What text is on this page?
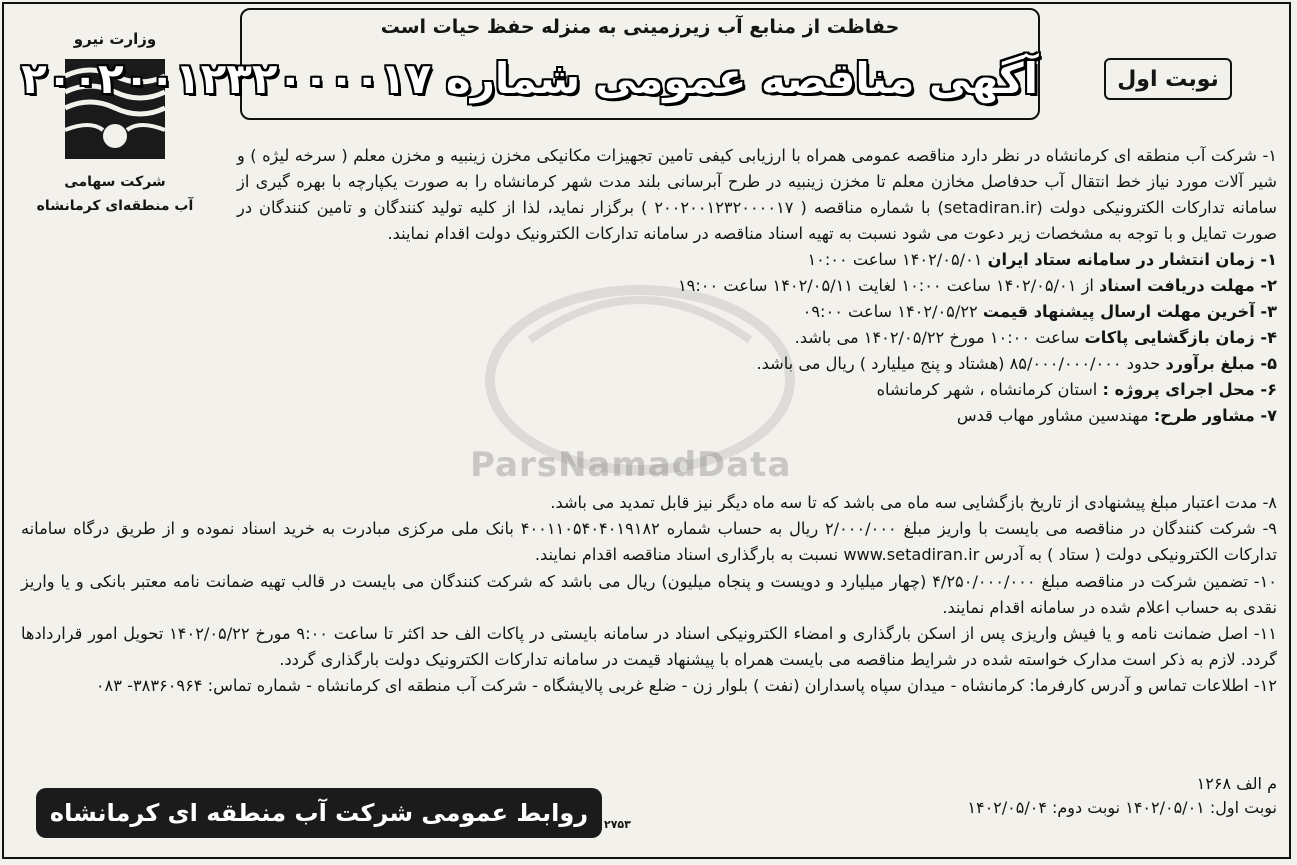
وزارت نیرو
شرکت سهامی
آب منطقه‌ای کرمانشاه
حفاظت از منابع آب زیرزمینی به منزله حفظ حیات است
آگهی مناقصه عمومی شماره ۲۰۰۲۰۰۱۲۳۲۰۰۰۰۱۷	نوبت اول
ParsNamadData
۱- شرکت آب منطقه ای کرمانشاه در نظر دارد مناقصه عمومی همراه با ارزیابی کیفی تامین تجهیزات مکانیکی مخزن زینبیه و مخزن معلم ( سرخه لیژه ) و شیر آلات مورد نیاز خط انتقال آب حدفاصل مخازن معلم تا مخزن زینبیه در طرح آبرسانی بلند مدت شهر کرمانشاه را به صورت یکپارچه با بهره گیری از سامانه تدارکات الکترونیکی دولت (setadiran.ir) با شماره مناقصه ( ۲۰۰۲۰۰۱۲۳۲۰۰۰۰۱۷ ) برگزار نماید، لذا از کلیه تولید کنندگان و تامین کنندگان در صورت تمایل و با توجه به مشخصات زیر دعوت می شود نسبت به تهیه اسناد مناقصه در سامانه تدارکات الکترونیک دولت اقدام نمایند.
۱- زمان انتشار در سامانه ستاد ایران ۱۴۰۲/۰۵/۰۱ ساعت ۱۰:۰۰
۲- مهلت دریافت اسناد از ۱۴۰۲/۰۵/۰۱ ساعت ۱۰:۰۰ لغایت ۱۴۰۲/۰۵/۱۱ ساعت ۱۹:۰۰
۳- آخرین مهلت ارسال پیشنهاد قیمت ۱۴۰۲/۰۵/۲۲ ساعت ۰۹:۰۰
۴- زمان بازگشایی پاکات ساعت ۱۰:۰۰ مورخ ۱۴۰۲/۰۵/۲۲ می باشد.
۵- مبلغ برآورد حدود ۸۵/۰۰۰/۰۰۰/۰۰۰ (هشتاد و پنج میلیارد ) ریال می باشد.
۶- محل اجرای پروژه : استان کرمانشاه ، شهر کرمانشاه
۷- مشاور طرح: مهندسین مشاور مهاب قدس
۸- مدت اعتبار مبلغ پیشنهادی از تاریخ بازگشایی سه ماه می باشد که تا سه ماه دیگر نیز قابل تمدید می باشد.
۹- شرکت کنندگان در مناقصه می بایست با واریز مبلغ ۲/۰۰۰/۰۰۰ ریال به حساب شماره ۴۰۰۱۱۰۵۴۰۴۰۱۹۱۸۲ بانک ملی مرکزی مبادرت به خرید اسناد نموده و از طریق درگاه سامانه تدارکات الکترونیکی دولت ( ستاد ) به آدرس www.setadiran.ir نسبت به بارگذاری اسناد مناقصه اقدام نمایند.
۱۰- تضمین شرکت در مناقصه مبلغ ۴/۲۵۰/۰۰۰/۰۰۰ (چهار میلیارد و دویست و پنجاه میلیون) ریال می باشد که شرکت کنندگان می بایست در قالب تهیه ضمانت نامه معتبر بانکی و یا واریز نقدی به حساب اعلام شده در سامانه اقدام نمایند.
۱۱- اصل ضمانت نامه و یا فیش واریزی پس از اسکن بارگذاری و امضاء الکترونیکی اسناد در سامانه بایستی در پاکات الف حد اکثر تا ساعت ۹:۰۰ مورخ ۱۴۰۲/۰۵/۲۲ تحویل امور قراردادها گردد. لازم به ذکر است مدارک خواسته شده در شرایط مناقصه می بایست همراه با پیشنهاد قیمت در سامانه تدارکات الکترونیک دولت بارگذاری گردد.
۱۲- اطلاعات تماس و آدرس کارفرما: کرمانشاه - میدان سپاه پاسداران (نفت ) بلوار زن - ضلع غربی پالایشگاه - شرکت آب منطقه ای کرمانشاه - شماره تماس: ۳۸۳۶۰۹۶۴- ۰۸۳
م الف ۱۲۶۸
نوبت اول: ۱۴۰۲/۰۵/۰۱ نوبت دوم: ۱۴۰۲/۰۵/۰۴
۲۷۵۳
روابط عمومی شرکت آب منطقه ای کرمانشاه
